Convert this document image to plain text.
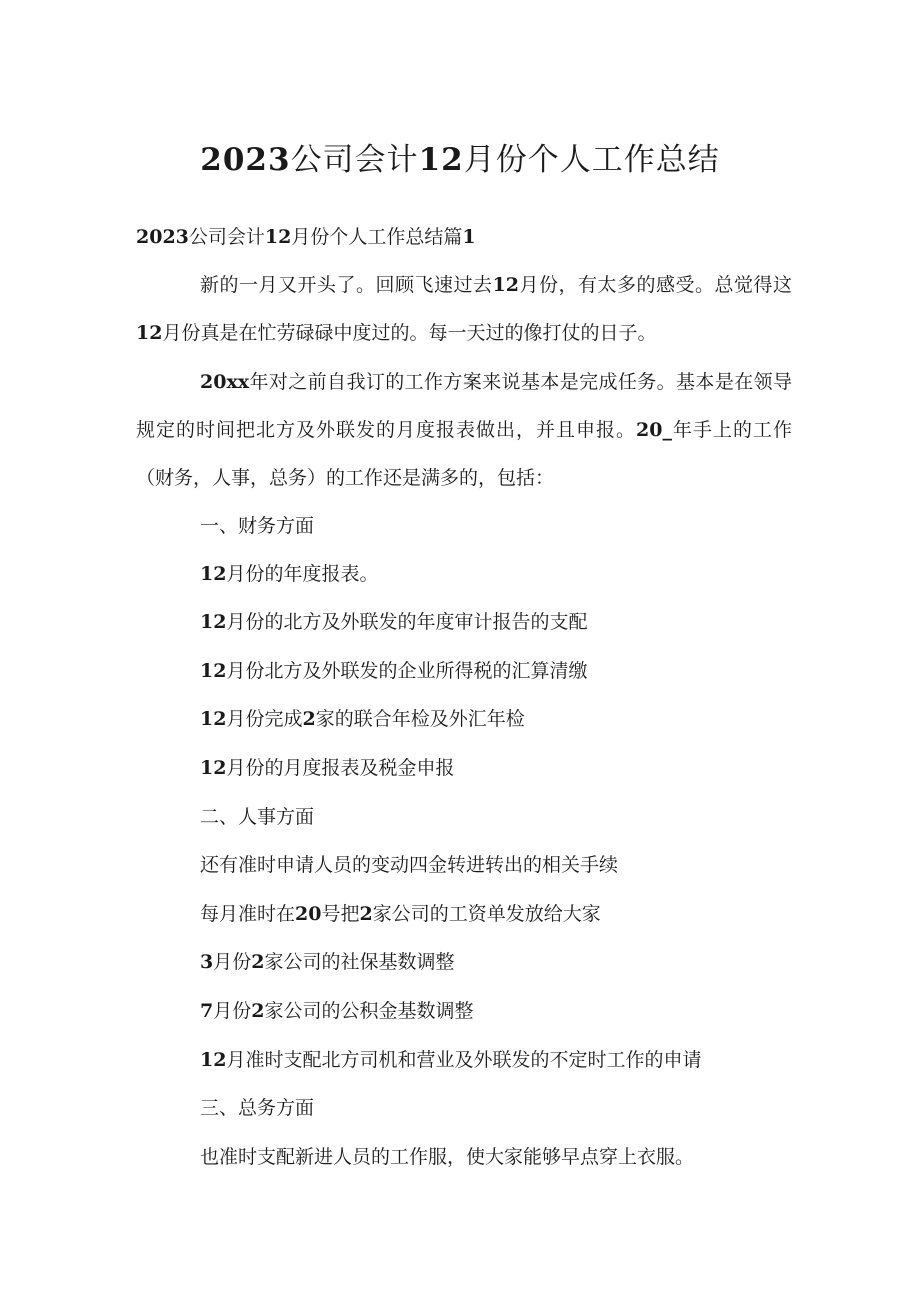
2023公司会计12月份个人工作总结

2023公司会计12月份个人工作总结篇1

新的一月又开头了。回顾飞速过去12月份，有太多的感受。总觉得这12月份真是在忙劳碌碌中度过的。每一天过的像打仗的日子。

20xx年对之前自我订的工作方案来说基本是完成任务。基本是在领导规定的时间把北方及外联发的月度报表做出，并且申报。20_年手上的工作（财务，人事，总务）的工作还是满多的，包括：

一、财务方面

12月份的年度报表。

12月份的北方及外联发的年度审计报告的支配

12月份北方及外联发的企业所得税的汇算清缴

12月份完成2家的联合年检及外汇年检

12月份的月度报表及税金申报

二、人事方面

还有准时申请人员的变动四金转进转出的相关手续

每月准时在20号把2家公司的工资单发放给大家

3月份2家公司的社保基数调整

7月份2家公司的公积金基数调整

12月准时支配北方司机和营业及外联发的不定时工作的申请

三、总务方面

也准时支配新进人员的工作服，使大家能够早点穿上衣服。
